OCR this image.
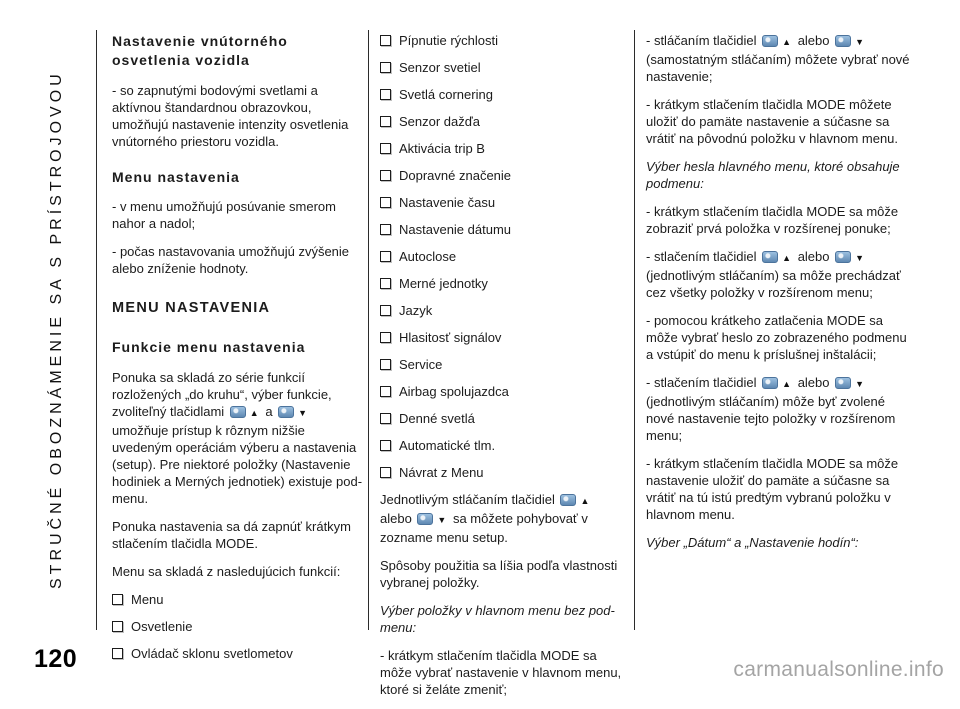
STRUČNÉ OBOZNÁMENIE SA S PRÍSTROJOVOU
Nastavenie vnútorného osvetlenia vozidla

- so zapnutými bodovými svetlami a aktívnou štandardnou obrazovkou, umožňujú nastavenie intenzity osvetlenia vnútorného priestoru vozidla.

Menu nastavenia

- v menu umožňujú posúvanie smerom nahor a nadol;

- počas nastavovania umožňujú zvýšenie alebo zníženie hodnoty.

MENU NASTAVENIA
Funkcie menu nastavenia

Ponuka sa skladá zo série funkcií rozložených „do kruhu“, výber funkcie, zvoliteľný tlačidlami ▲ a ▼ umožňuje prístup k rôznym nižšie uvedeným operáciám výberu a nastavenia (setup). Pre niektoré položky (Nastavenie hodiniek a Merných jednotiek) existuje pod-menu.

Ponuka nastavenia sa dá zapnúť krátkym stlačením tlačidla MODE.

Menu sa skladá z nasledujúcich funkcií:

Menu
Osvetlenie
Ovládač sklonu svetlometov
Pípnutie rýchlosti
Senzor svetiel
Svetlá cornering
Senzor dažďa
Aktivácia trip B
Dopravné značenie
Nastavenie času
Nastavenie dátumu
Autoclose
Merné jednotky
Jazyk
Hlasitosť signálov
Service
Airbag spolujazdca
Denné svetlá
Automatické tlm.
Návrat z Menu

Jednotlivým stláčaním tlačidiel ▲ alebo ▼ sa môžete pohybovať v zozname menu setup.

Spôsoby použitia sa líšia podľa vlastnosti vybranej položky.

Výber položky v hlavnom menu bez pod-menu:

- krátkym stlačením tlačidla MODE sa môže vybrať nastavenie v hlavnom menu, ktoré si želáte zmeniť;

- stláčaním tlačidiel ▲ alebo ▼ (samostatným stláčaním) môžete vybrať nové nastavenie;

- krátkym stlačením tlačidla MODE môžete uložiť do pamäte nastavenie a súčasne sa vrátiť na pôvodnú položku v hlavnom menu.

Výber hesla hlavného menu, ktoré obsahuje podmenu:

- krátkym stlačením tlačidla MODE sa môže zobraziť prvá položka v rozšírenej ponuke;

- stlačením tlačidiel ▲ alebo ▼ (jednotlivým stláčaním) sa môže prechádzať cez všetky položky v rozšírenom menu;

- pomocou krátkeho zatlačenia MODE sa môže vybrať heslo zo zobrazeného podmenu a vstúpiť do menu k príslušnej inštalácii;

- stlačením tlačidiel ▲ alebo ▼ (jednotlivým stláčaním) môže byť zvolené nové nastavenie tejto položky v rozšírenom menu;

- krátkym stlačením tlačidla MODE sa môže nastavenie uložiť do pamäte a súčasne sa vrátiť na tú istú predtým vybranú položku v hlavnom menu.

Výber „Dátum“ a „Nastavenie hodín“:

120	carmanualsonline.info
